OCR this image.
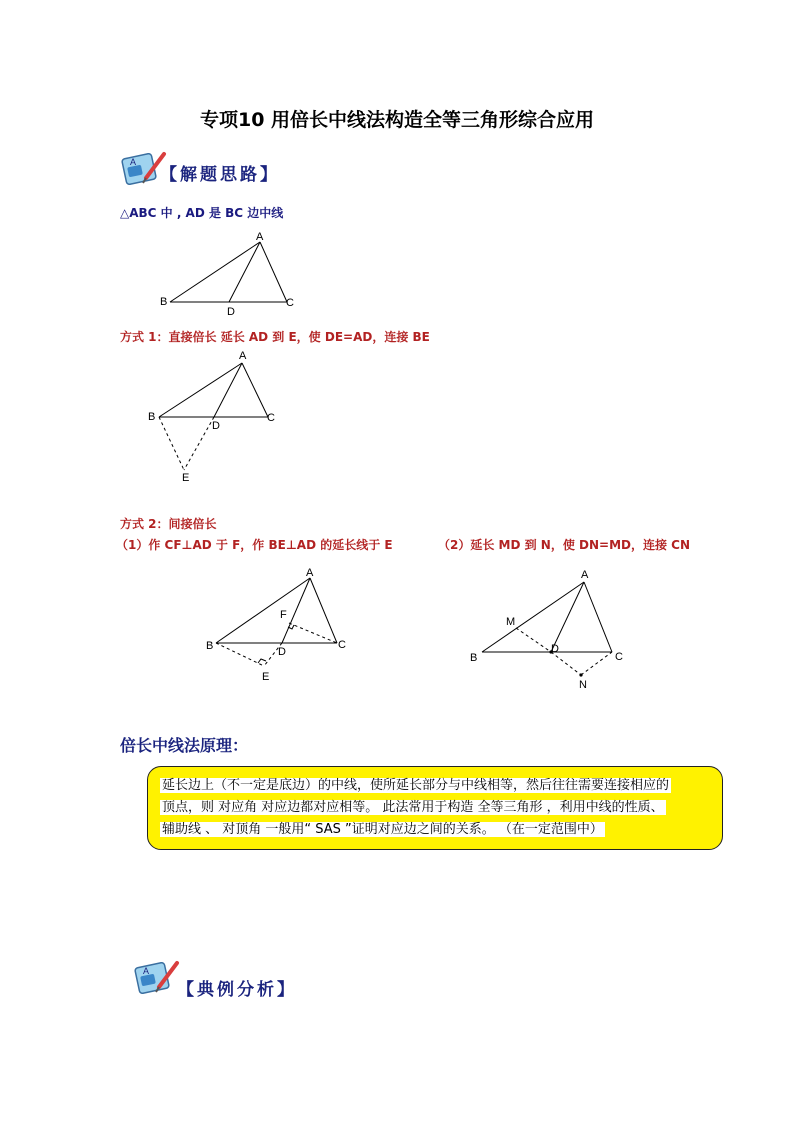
专项10 用倍长中线法构造全等三角形综合应用
A
【解题思路】
△ABC 中 , AD 是 BC 边中线
A
B
D
C
方式 1：直接倍长 延长 AD 到 E，使 DE=AD，连接 BE
A
B
D
C
E
方式 2：间接倍长
（1）作 CF⊥AD 于 F，作 BE⊥AD 的延长线于 E	（2）延长 MD 到 N，使 DN=MD，连接 CN
A
F
B	D
C
E
A
M
B
D
C
N
倍长中线法原理：
延长边上（不一定是底边）的中线，使所延长部分与中线相等，然后往往需要连接相应的
顶点，则 对应角 对应边都对应相等。 此法常用于构造 全等三角形 ，利用中线的性质、
辅助线 、 对顶角 一般用“ SAS ”证明对应边之间的关系。 （在一定范围中）
A
【典例分析】
